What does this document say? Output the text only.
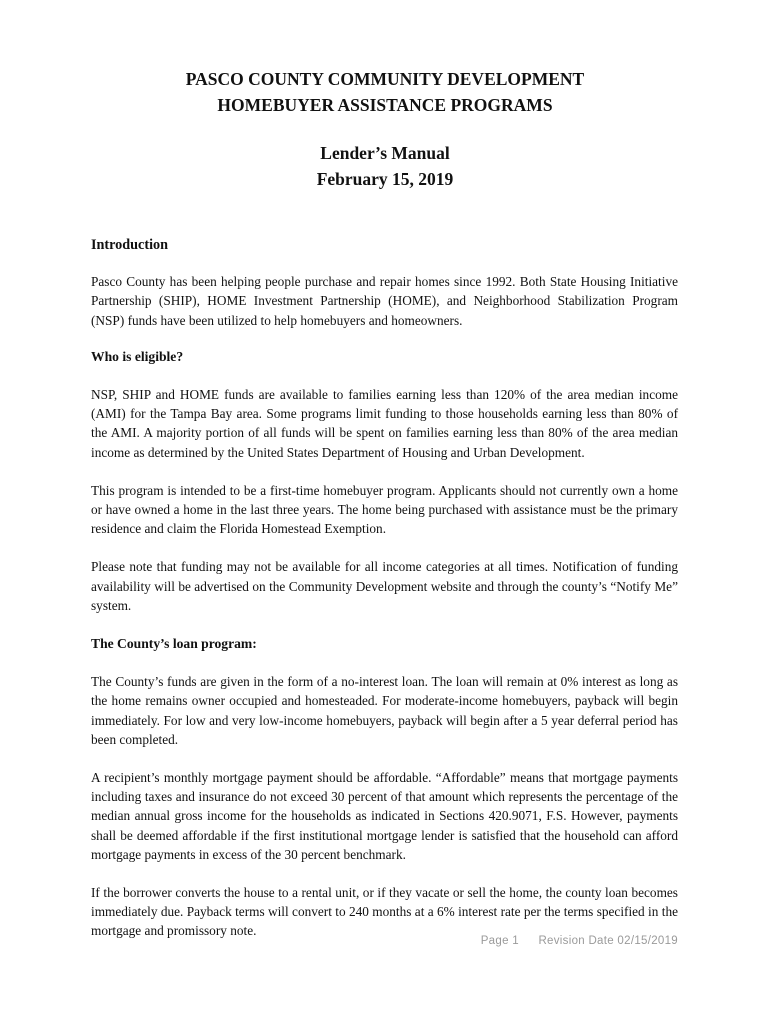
PASCO COUNTY COMMUNITY DEVELOPMENT
HOMEBUYER ASSISTANCE PROGRAMS
Lender’s Manual
February 15, 2019
Introduction

Pasco County has been helping people purchase and repair homes since 1992. Both State Housing Initiative Partnership (SHIP), HOME Investment Partnership (HOME), and Neighborhood Stabilization Program (NSP) funds have been utilized to help homebuyers and homeowners.

Who is eligible?

NSP, SHIP and HOME funds are available to families earning less than 120% of the area median income (AMI) for the Tampa Bay area. Some programs limit funding to those households earning less than 80% of the AMI. A majority portion of all funds will be spent on families earning less than 80% of the area median income as determined by the United States Department of Housing and Urban Development.

This program is intended to be a first-time homebuyer program. Applicants should not currently own a home or have owned a home in the last three years. The home being purchased with assistance must be the primary residence and claim the Florida Homestead Exemption.

Please note that funding may not be available for all income categories at all times. Notification of funding availability will be advertised on the Community Development website and through the county’s “Notify Me” system.

The County’s loan program:

The County’s funds are given in the form of a no-interest loan. The loan will remain at 0% interest as long as the home remains owner occupied and homesteaded. For moderate-income homebuyers, payback will begin immediately. For low and very low-income homebuyers, payback will begin after a 5 year deferral period has been completed.

A recipient’s monthly mortgage payment should be affordable. “Affordable” means that mortgage payments including taxes and insurance do not exceed 30 percent of that amount which represents the percentage of the median annual gross income for the households as indicated in Sections 420.9071, F.S. However, payments shall be deemed affordable if the first institutional mortgage lender is satisfied that the household can afford mortgage payments in excess of the 30 percent benchmark.

If the borrower converts the house to a rental unit, or if they vacate or sell the home, the county loan becomes immediately due. Payback terms will convert to 240 months at a 6% interest rate per the terms specified in the mortgage and promissory note.

Page 1 Revision Date 02/15/2019
